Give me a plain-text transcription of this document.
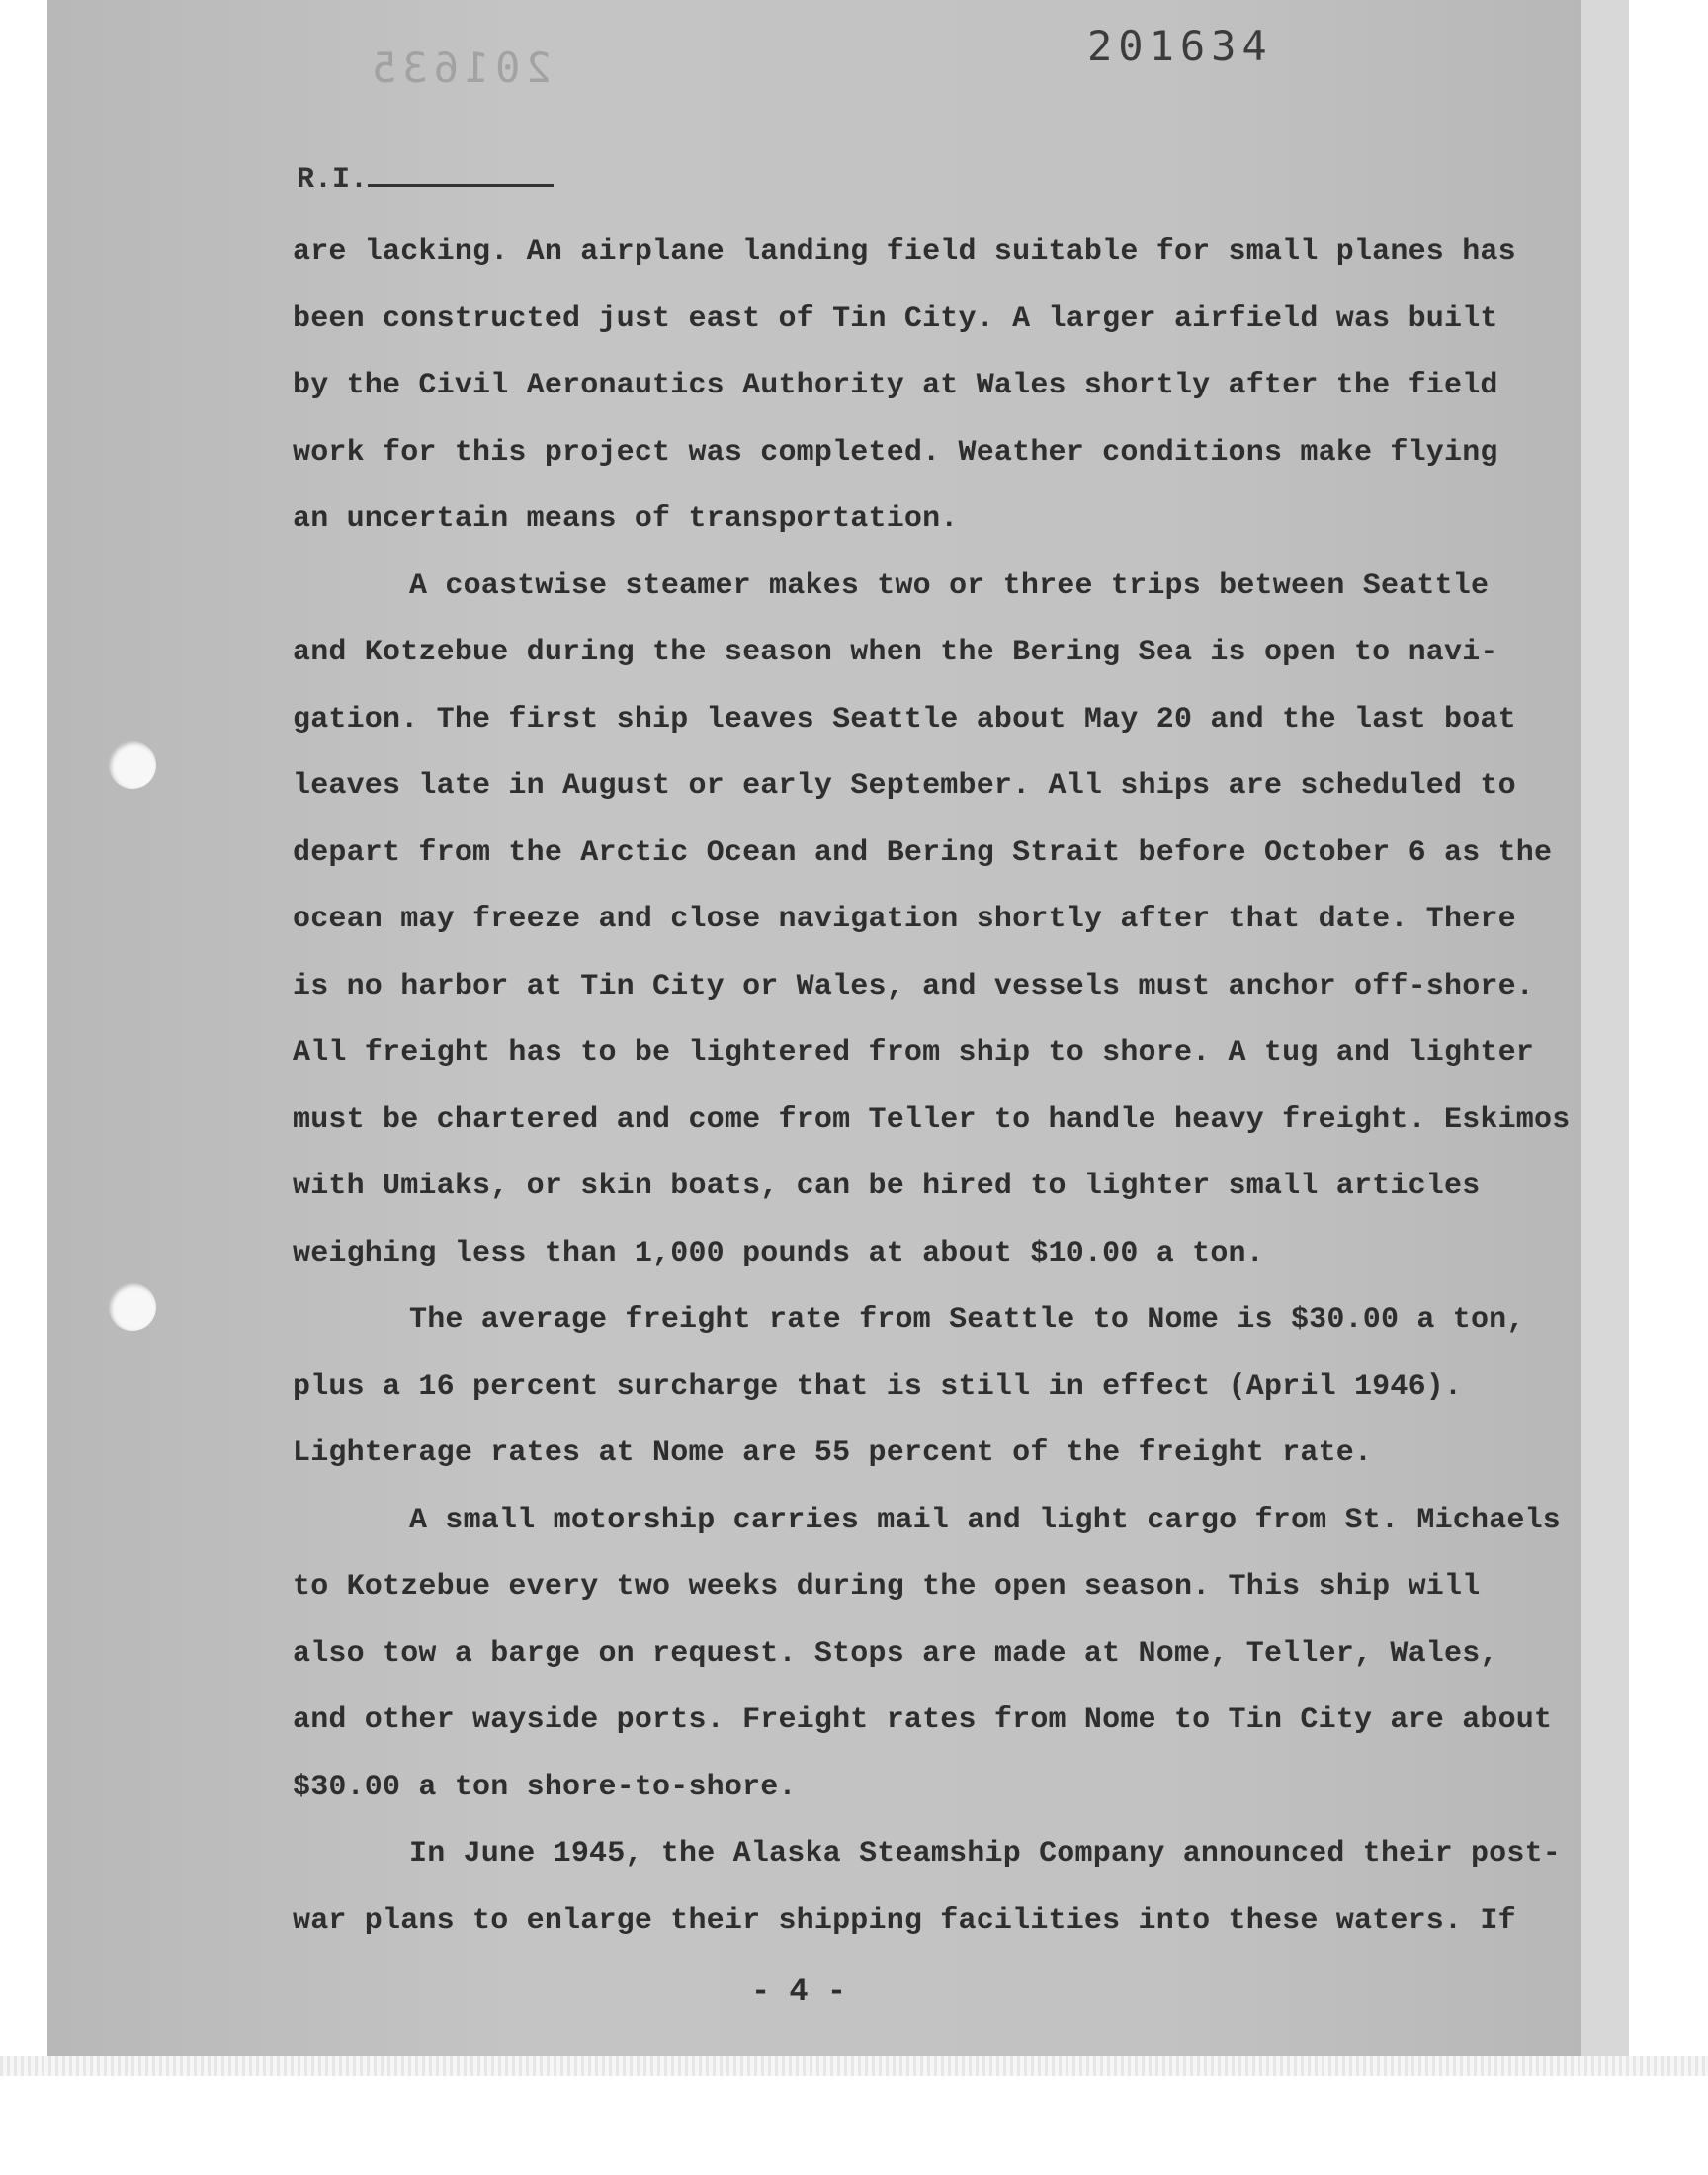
201634
201635
R.I.
are lacking. An airplane landing field suitable for small planes has
been constructed just east of Tin City. A larger airfield was built
by the Civil Aeronautics Authority at Wales shortly after the field
work for this project was completed. Weather conditions make flying
an uncertain means of transportation.
A coastwise steamer makes two or three trips between Seattle
and Kotzebue during the season when the Bering Sea is open to navi-
gation. The first ship leaves Seattle about May 20 and the last boat
leaves late in August or early September. All ships are scheduled to
depart from the Arctic Ocean and Bering Strait before October 6 as the
ocean may freeze and close navigation shortly after that date. There
is no harbor at Tin City or Wales, and vessels must anchor off-shore.
All freight has to be lightered from ship to shore. A tug and lighter
must be chartered and come from Teller to handle heavy freight. Eskimos
with Umiaks, or skin boats, can be hired to lighter small articles
weighing less than 1,000 pounds at about $10.00 a ton.
The average freight rate from Seattle to Nome is $30.00 a ton,
plus a 16 percent surcharge that is still in effect (April 1946).
Lighterage rates at Nome are 55 percent of the freight rate.
A small motorship carries mail and light cargo from St. Michaels
to Kotzebue every two weeks during the open season. This ship will
also tow a barge on request. Stops are made at Nome, Teller, Wales,
and other wayside ports. Freight rates from Nome to Tin City are about
$30.00 a ton shore-to-shore.
In June 1945, the Alaska Steamship Company announced their post-
war plans to enlarge their shipping facilities into these waters. If
- 4 -
